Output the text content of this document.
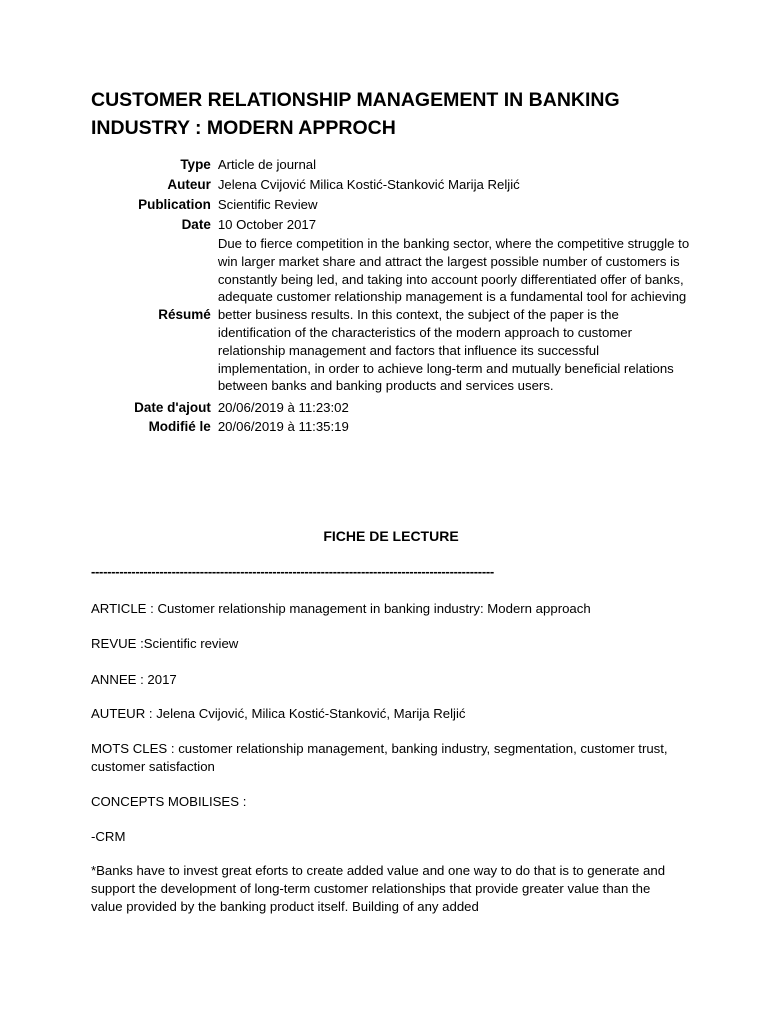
CUSTOMER RELATIONSHIP MANAGEMENT IN BANKING INDUSTRY : MODERN APPROCH
Type	Article de journal
Auteur	Jelena Cvijović Milica Kostić-Stanković Marija Reljić
Publication	Scientific Review
Date	10 October 2017
Résumé	Due to fierce competition in the banking sector, where the competitive struggle to win larger market share and attract the largest possible number of customers is constantly being led, and taking into account poorly differentiated offer of banks, adequate customer relationship management is a fundamental tool for achieving better business results. In this context, the subject of the paper is the identification of the characteristics of the modern approach to customer relationship management and factors that influence its successful implementation, in order to achieve long-term and mutually beneficial relations between banks and banking products and services users.
Date d'ajout	20/06/2019 à 11:23:02
Modifié le	20/06/2019 à 11:35:19
FICHE DE LECTURE
----------------------------------------------------------------------------------------------------

ARTICLE : Customer relationship management in banking industry: Modern approach

REVUE :Scientific review

ANNEE : 2017

AUTEUR : Jelena Cvijović, Milica Kostić-Stanković, Marija Reljić

MOTS CLES : customer relationship management, banking industry, segmentation, customer trust, customer satisfaction

CONCEPTS MOBILISES :

-CRM

*Banks have to invest great eforts to create added value and one way to do that is to generate and support the development of long-term customer relationships that provide greater value than the value provided by the banking product itself. Building of any added
